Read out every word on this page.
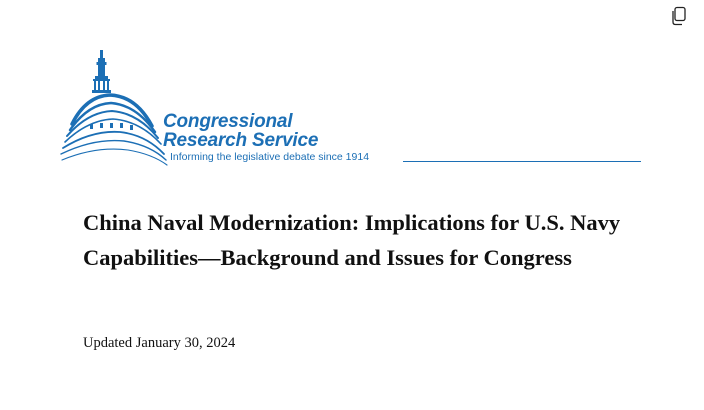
Congressional
Research Service
Informing the legislative debate since 1914
China Naval Modernization: Implications for U.S. Navy Capabilities—Background and Issues for Congress
Updated January 30, 2024
